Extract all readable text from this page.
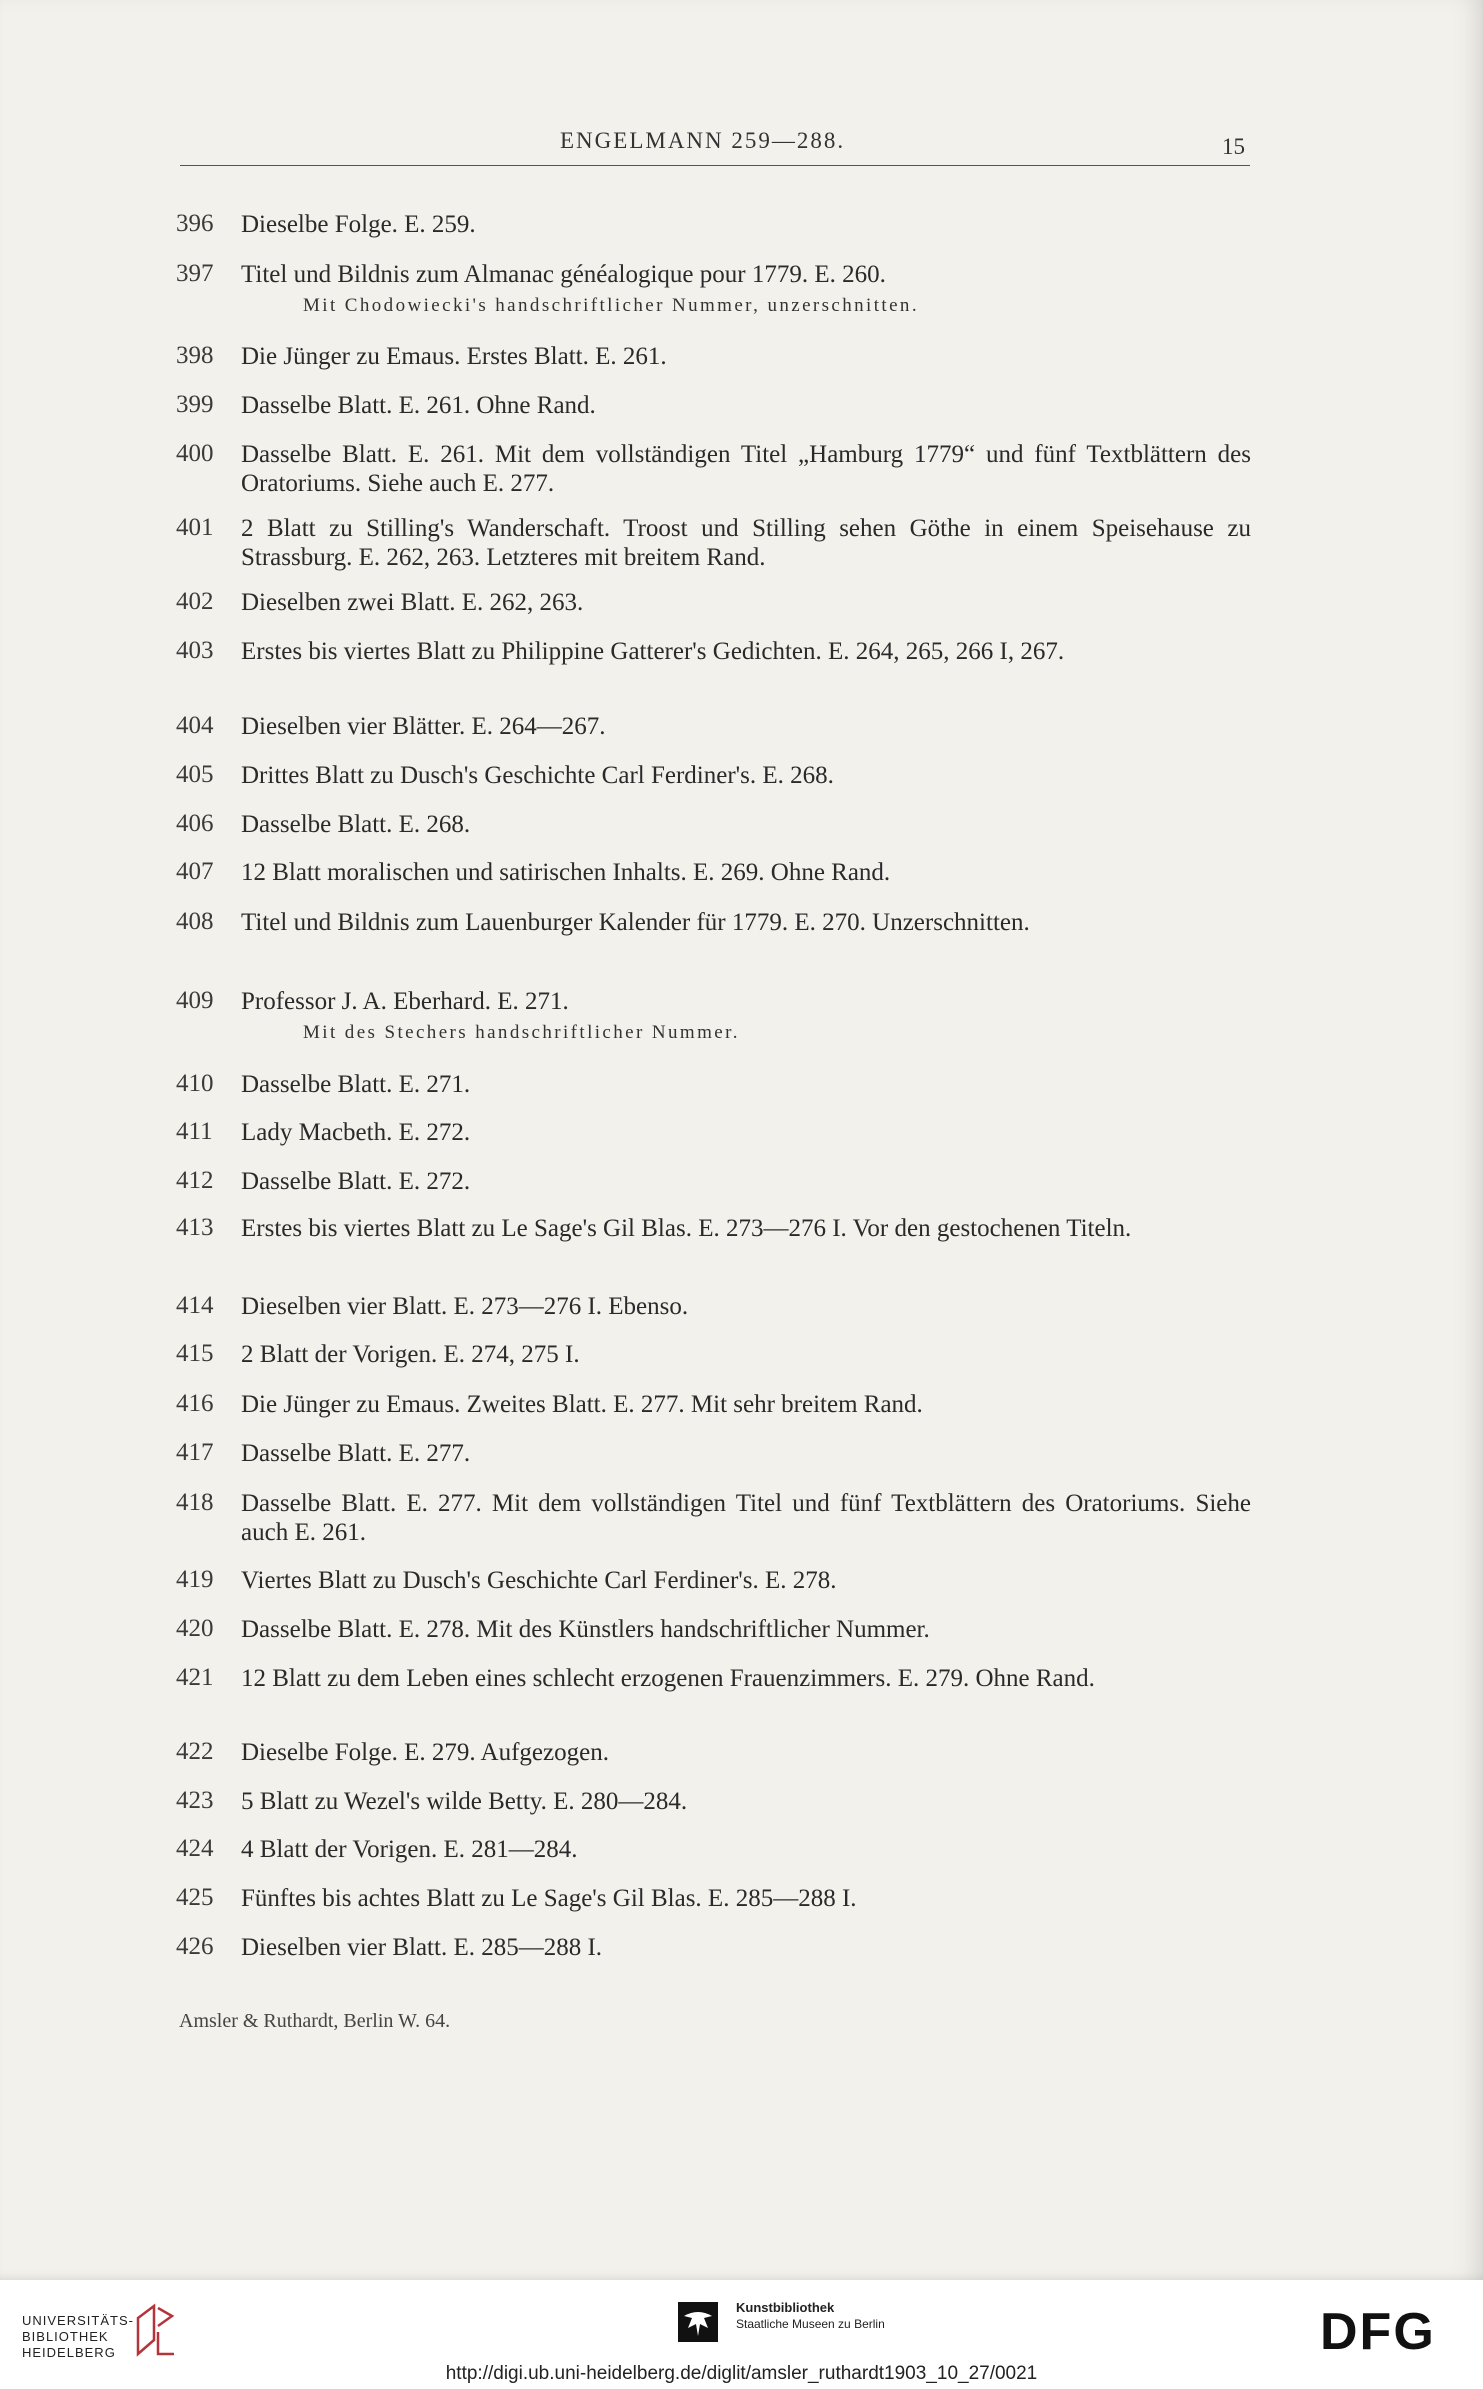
ENGELMANN 259—288.	15
396 Dieselbe Folge. E. 259.
397 Titel und Bildnis zum Almanac généalogique pour 1779. E. 260.
Mit Chodowiecki's handschriftlicher Nummer, unzerschnitten.
398 Die Jünger zu Emaus. Erstes Blatt. E. 261.
399 Dasselbe Blatt. E. 261. Ohne Rand.
400 Dasselbe Blatt. E. 261. Mit dem vollständigen Titel „Hamburg 1779“ und fünf Textblättern des Oratoriums. Siehe auch E. 277.
401 2 Blatt zu Stilling's Wanderschaft. Troost und Stilling sehen Göthe in einem Speisehause zu Strassburg. E. 262, 263. Letzteres mit breitem Rand.
402 Dieselben zwei Blatt. E. 262, 263.
403 Erstes bis viertes Blatt zu Philippine Gatterer's Gedichten. E. 264, 265, 266 I, 267.
404 Dieselben vier Blätter. E. 264—267.
405 Drittes Blatt zu Dusch's Geschichte Carl Ferdiner's. E. 268.
406 Dasselbe Blatt. E. 268.
407 12 Blatt moralischen und satirischen Inhalts. E. 269. Ohne Rand.
408 Titel und Bildnis zum Lauenburger Kalender für 1779. E. 270. Unzerschnitten.
409 Professor J. A. Eberhard. E. 271.
Mit des Stechers handschriftlicher Nummer.
410 Dasselbe Blatt. E. 271.
411 Lady Macbeth. E. 272.
412 Dasselbe Blatt. E. 272.
413 Erstes bis viertes Blatt zu Le Sage's Gil Blas. E. 273—276 I. Vor den gestochenen Titeln.
414 Dieselben vier Blatt. E. 273—276 I. Ebenso.
415 2 Blatt der Vorigen. E. 274, 275 I.
416 Die Jünger zu Emaus. Zweites Blatt. E. 277. Mit sehr breitem Rand.
417 Dasselbe Blatt. E. 277.
418 Dasselbe Blatt. E. 277. Mit dem vollständigen Titel und fünf Textblättern des Oratoriums. Siehe auch E. 261.
419 Viertes Blatt zu Dusch's Geschichte Carl Ferdiner's. E. 278.
420 Dasselbe Blatt. E. 278. Mit des Künstlers handschriftlicher Nummer.
421 12 Blatt zu dem Leben eines schlecht erzogenen Frauenzimmers. E. 279. Ohne Rand.
422 Dieselbe Folge. E. 279. Aufgezogen.
423 5 Blatt zu Wezel's wilde Betty. E. 280—284.
424 4 Blatt der Vorigen. E. 281—284.
425 Fünftes bis achtes Blatt zu Le Sage's Gil Blas. E. 285—288 I.
426 Dieselben vier Blatt. E. 285—288 I.
Amsler & Ruthardt, Berlin W. 64.
UNIVERSITÄTS-
BIBLIOTHEK
HEIDELBERG
Kunstbibliothek
Staatliche Museen zu Berlin	DFG
http://digi.ub.uni-heidelberg.de/diglit/amsler_ruthardt1903_10_27/0021
